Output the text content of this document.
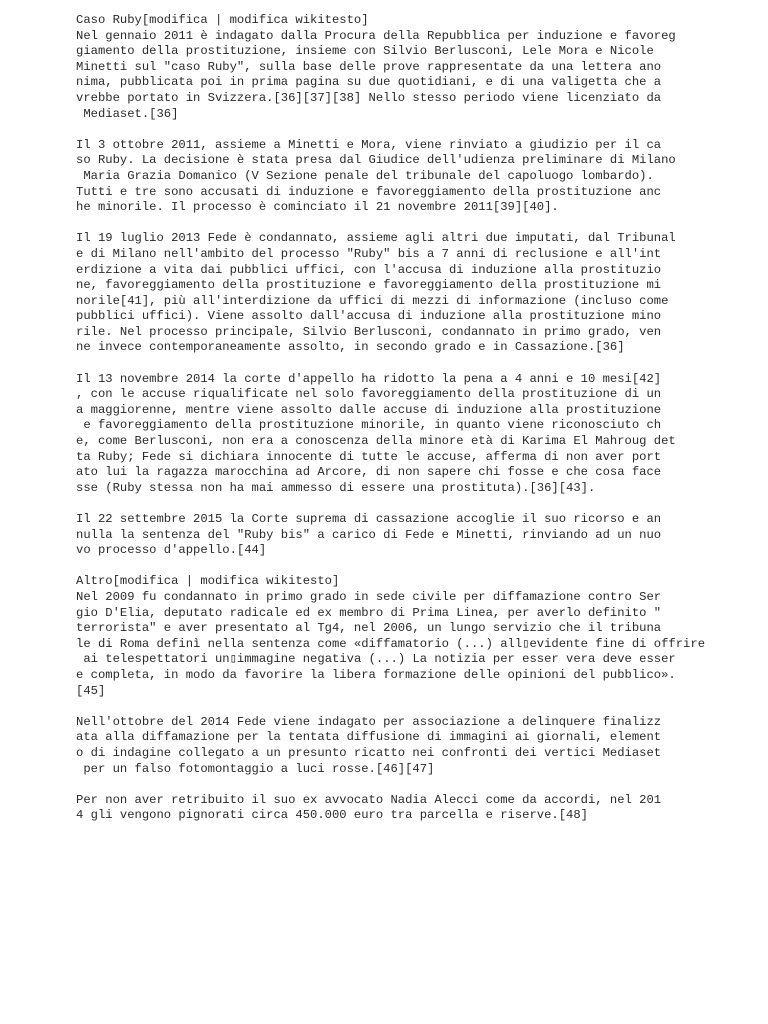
Caso Ruby[modifica | modifica wikitesto]
Nel gennaio 2011 è indagato dalla Procura della Repubblica per induzione e favoreg
giamento della prostituzione, insieme con Silvio Berlusconi, Lele Mora e Nicole
Minetti sul "caso Ruby", sulla base delle prove rappresentate da una lettera ano
nima, pubblicata poi in prima pagina su due quotidiani, e di una valigetta che a
vrebbe portato in Svizzera.[36][37][38] Nello stesso periodo viene licenziato da
Mediaset.[36]
Il 3 ottobre 2011, assieme a Minetti e Mora, viene rinviato a giudizio per il ca
so Ruby. La decisione è stata presa dal Giudice dell'udienza preliminare di Milano
Maria Grazia Domanico (V Sezione penale del tribunale del capoluogo lombardo).
Tutti e tre sono accusati di induzione e favoreggiamento della prostituzione anc
he minorile. Il processo è cominciato il 21 novembre 2011[39][40].
Il 19 luglio 2013 Fede è condannato, assieme agli altri due imputati, dal Tribunal
e di Milano nell'ambito del processo "Ruby" bis a 7 anni di reclusione e all'int
erdizione a vita dai pubblici uffici, con l'accusa di induzione alla prostituzio
ne, favoreggiamento della prostituzione e favoreggiamento della prostituzione mi
norile[41], più all'interdizione da uffici di mezzi di informazione (incluso come
pubblici uffici). Viene assolto dall'accusa di induzione alla prostituzione mino
rile. Nel processo principale, Silvio Berlusconi, condannato in primo grado, ven
ne invece contemporaneamente assolto, in secondo grado e in Cassazione.[36]
Il 13 novembre 2014 la corte d'appello ha ridotto la pena a 4 anni e 10 mesi[42]
, con le accuse riqualificate nel solo favoreggiamento della prostituzione di un
a maggiorenne, mentre viene assolto dalle accuse di induzione alla prostituzione
e favoreggiamento della prostituzione minorile, in quanto viene riconosciuto ch
e, come Berlusconi, non era a conoscenza della minore età di Karima El Mahroug det
ta Ruby; Fede si dichiara innocente di tutte le accuse, afferma di non aver port
ato lui la ragazza marocchina ad Arcore, di non sapere chi fosse e che cosa face
sse (Ruby stessa non ha mai ammesso di essere una prostituta).[36][43].
Il 22 settembre 2015 la Corte suprema di cassazione accoglie il suo ricorso e an
nulla la sentenza del "Ruby bis" a carico di Fede e Minetti, rinviando ad un nuo
vo processo d'appello.[44]
Altro[modifica | modifica wikitesto]
Nel 2009 fu condannato in primo grado in sede civile per diffamazione contro Ser
gio D'Elia, deputato radicale ed ex membro di Prima Linea, per averlo definito "
terrorista" e aver presentato al Tg4, nel 2006, un lungo servizio che il tribuna
le di Roma definì nella sentenza come «diffamatorio (...) all▯evidente fine di offrire
ai telespettatori un▯immagine negativa (...) La notizia per esser vera deve esser
e completa, in modo da favorire la libera formazione delle opinioni del pubblico».
[45]
Nell'ottobre del 2014 Fede viene indagato per associazione a delinquere finalizz
ata alla diffamazione per la tentata diffusione di immagini ai giornali, element
o di indagine collegato a un presunto ricatto nei confronti dei vertici Mediaset
per un falso fotomontaggio a luci rosse.[46][47]
Per non aver retribuito il suo ex avvocato Nadia Alecci come da accordi, nel 201
4 gli vengono pignorati circa 450.000 euro tra parcella e riserve.[48]
